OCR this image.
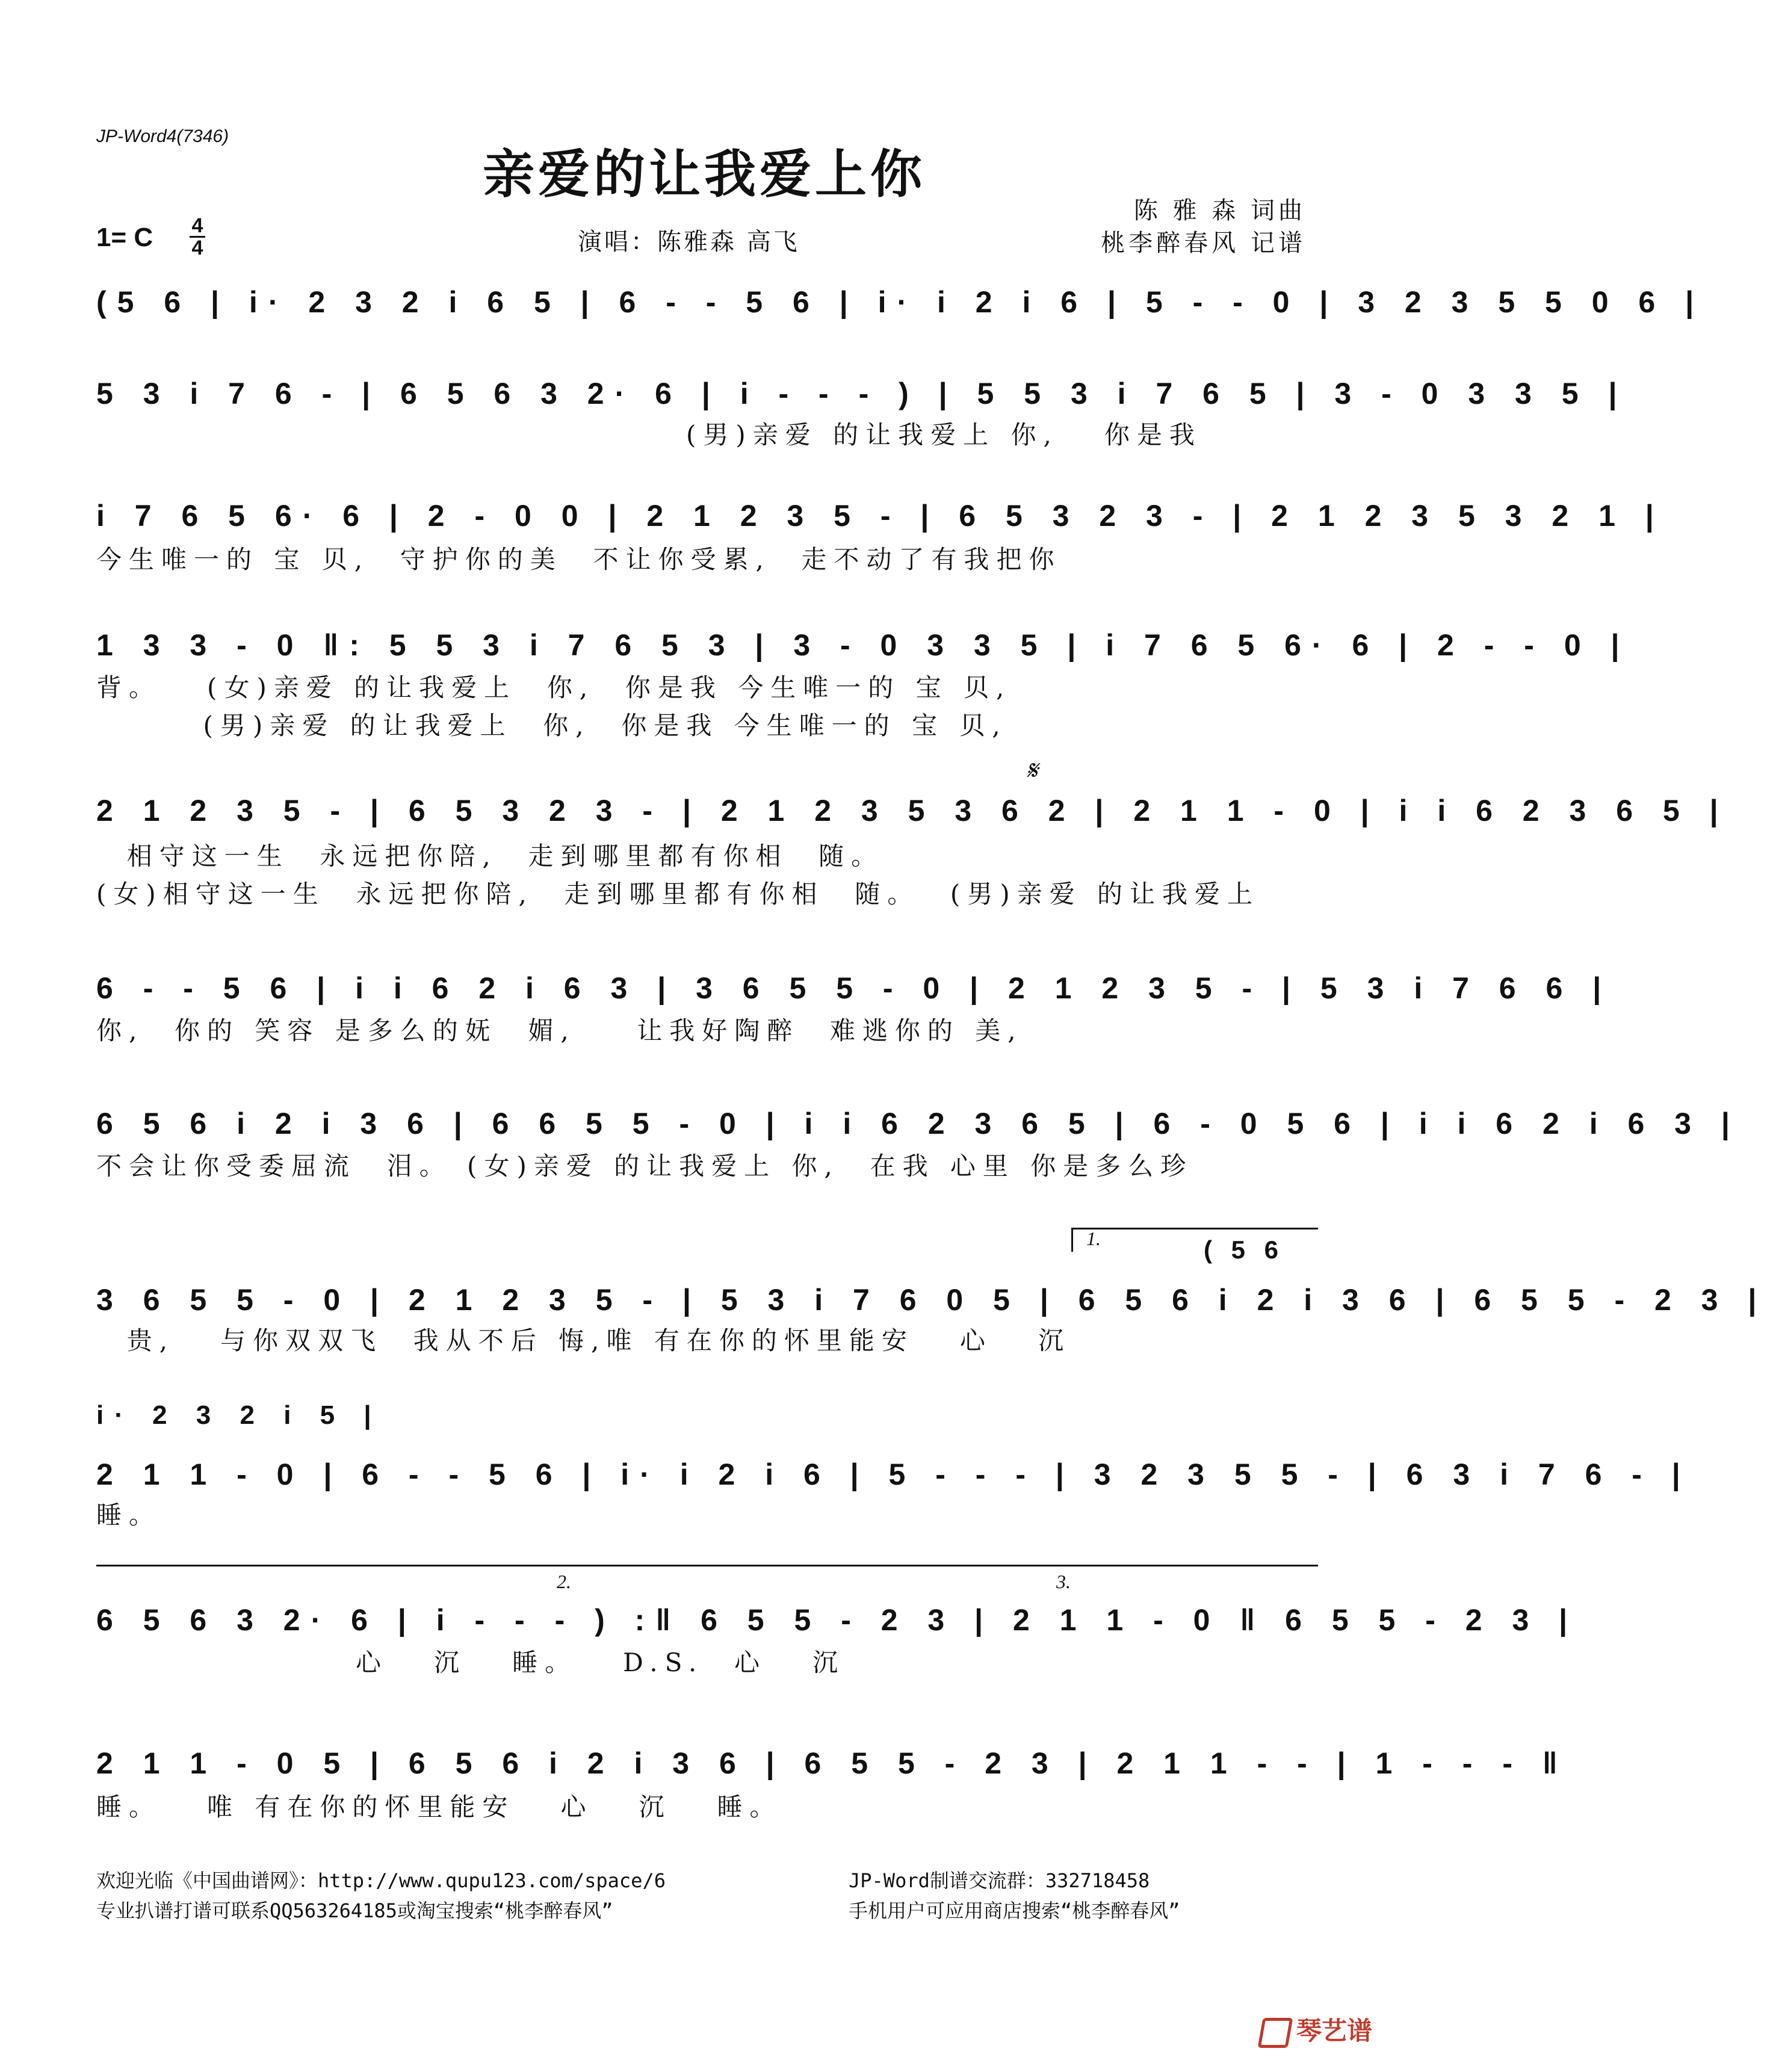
JP-Word4(7346)
亲爱的让我爱上你
陈 雅 森 词曲
桃李醉春风 记谱
1= C 4
4	演唱：陈雅森 高飞
(5 6 | i· 2 3 2 i 6 5 | 6 - - 5 6 | i· i 2 i 6 | 5 - - 0 | 3 2 3 5 5 0 6 |
5 3 i 7 6 - | 6 5 6 3 2· 6 | i - - - ) | 5 5 3 i 7 6 5 | 3 - 0 3 3 5 |
(男)亲爱 的让我爱上 你,   你是我
i 7 6 5 6· 6 | 2 - 0 0 | 2 1 2 3 5 - | 6 5 3 2 3 - | 2 1 2 3 5 3 2 1 |
今生唯一的 宝 贝,  守护你的美  不让你受累,  走不动了有我把你
1 3 3 - 0 ‖: 5 5 3 i 7 6 5 3 | 3 - 0 3 3 5 | i 7 6 5 6· 6 | 2 - - 0 |
背。   (女)亲爱 的让我爱上  你,  你是我 今生唯一的 宝 贝,
(男)亲爱 的让我爱上  你,  你是我 今生唯一的 宝 贝,
𝄋
2 1 2 3 5 - | 6 5 3 2 3 - | 2 1 2 3 5 3 6 2 | 2 1 1 - 0 | i i 6 2 3 6 5 |
相守这一生  永远把你陪,  走到哪里都有你相  随。
(女)相守这一生  永远把你陪,  走到哪里都有你相  随。  (男)亲爱 的让我爱上
6 - - 5 6 | i i 6 2 i 6 3 | 3 6 5 5 - 0 | 2 1 2 3 5 - | 5 3 i 7 6 6 |
你,  你的 笑容 是多么的妩  媚,    让我好陶醉  难逃你的 美,
6 5 6 i 2 i 3 6 | 6 6 5 5 - 0 | i i 6 2 3 6 5 | 6 - 0 5 6 | i i 6 2 i 6 3 |
不会让你受委屈流  泪。 (女)亲爱 的让我爱上 你,  在我 心里 你是多么珍
1.	( 5 6
3 6 5 5 - 0 | 2 1 2 3 5 - | 5 3 i 7 6 0 5 | 6 5 6 i 2 i 3 6 | 6 5 5 - 2 3 |
贵,   与你双双飞  我从不后 悔,唯 有在你的怀里能安   心   沉
i· 2 3 2 i 5 |
2 1 1 - 0 | 6 - - 5 6 | i· i 2 i 6 | 5 - - - | 3 2 3 5 5 - | 6 3 i 7 6 - |
睡。
2.	3.
6 5 6 3 2· 6 | i - - - ) :‖ 6 5 5 - 2 3 | 2 1 1 - 0 ‖ 6 5 5 - 2 3 |
心   沉   睡。   D.S.  心   沉
2 1 1 - 0 5 | 6 5 6 i 2 i 3 6 | 6 5 5 - 2 3 | 2 1 1 - - | 1 - - - ‖
睡。   唯 有在你的怀里能安   心   沉   睡。
欢迎光临《中国曲谱网》：http://www.qupu123.com/space/6
专业扒谱打谱可联系QQ563264185或淘宝搜索“桃李醉春风”
JP-Word制谱交流群：332718458
手机用户可应用商店搜索“桃李醉春风”
琴艺谱
